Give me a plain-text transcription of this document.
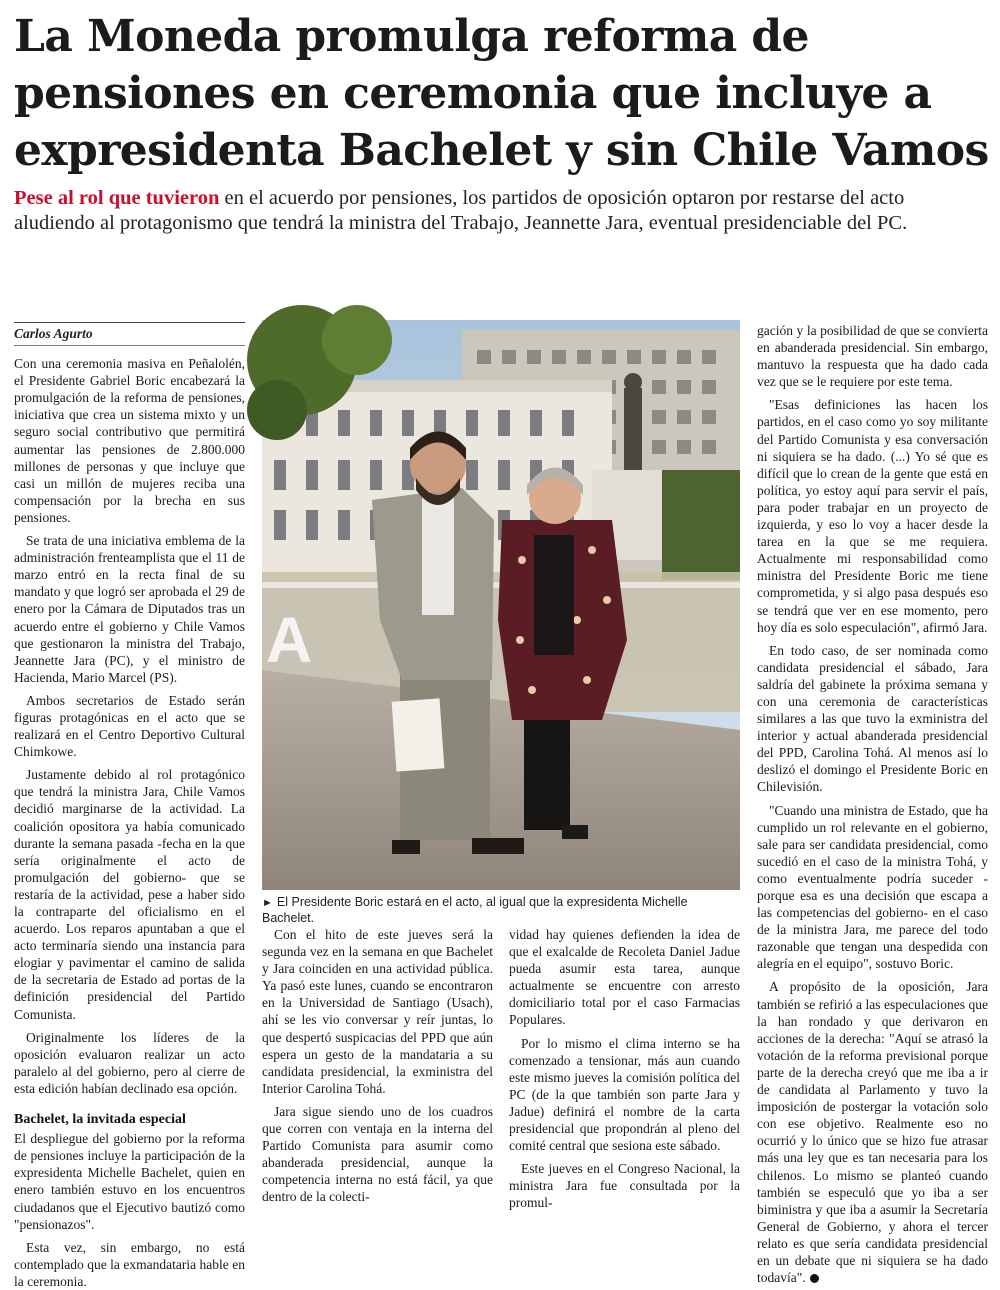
La Moneda promulga reforma de pensiones en ceremonia que incluye a expresidenta Bachelet y sin Chile Vamos

Pese al rol que tuvieron en el acuerdo por pensiones, los partidos de oposición optaron por restarse del acto aludiendo al protagonismo que tendrá la ministra del Trabajo, Jeannette Jara, eventual presidenciable del PC.

Carlos Agurto

Con una ceremonia masiva en Peñalolén, el Presidente Gabriel Boric encabezará la promulgación de la reforma de pensiones, iniciativa que crea un sistema mixto y un seguro social contributivo que permitirá aumentar las pensiones de 2.800.000 millones de personas y que incluye que casi un millón de mujeres reciba una compensación por la brecha en sus pensiones.

Se trata de una iniciativa emblema de la administración frenteamplista que el 11 de marzo entró en la recta final de su mandato y que logró ser aprobada el 29 de enero por la Cámara de Diputados tras un acuerdo entre el gobierno y Chile Vamos que gestionaron la ministra del Trabajo, Jeannette Jara (PC), y el ministro de Hacienda, Mario Marcel (PS).

Ambos secretarios de Estado serán figuras protagónicas en el acto que se realizará en el Centro Deportivo Cultural Chimkowe.

Justamente debido al rol protagónico que tendrá la ministra Jara, Chile Vamos decidió marginarse de la actividad. La coalición opositora ya había comunicado durante la semana pasada -fecha en la que sería originalmente el acto de promulgación del gobierno- que se restaría de la actividad, pese a haber sido la contraparte del oficialismo en el acuerdo. Los reparos apuntaban a que el acto terminaría siendo una instancia para elogiar y pavimentar el camino de salida de la secretaria de Estado ad portas de la definición presidencial del Partido Comunista.

Originalmente los líderes de la oposición evaluaron realizar un acto paralelo al del gobierno, pero al cierre de esta edición habían declinado esa opción.

Bachelet, la invitada especial

El despliegue del gobierno por la reforma de pensiones incluye la participación de la expresidenta Michelle Bachelet, quien en enero también estuvo en los encuentros ciudadanos que el Ejecutivo bautizó como "pensionazos".

Esta vez, sin embargo, no está contemplado que la exmandataria hable en la ceremonia.

A

► El Presidente Boric estará en el acto, al igual que la expresidenta Michelle Bachelet.

Con el hito de este jueves será la segunda vez en la semana en que Bachelet y Jara coinciden en una actividad pública. Ya pasó este lunes, cuando se encontraron en la Universidad de Santiago (Usach), ahí se les vio conversar y reír juntas, lo que despertó suspicacias del PPD que aún espera un gesto de la mandataria a su candidata presidencial, la exministra del Interior Carolina Tohá.

Jara sigue siendo uno de los cuadros que corren con ventaja en la interna del Partido Comunista para asumir como abanderada presidencial, aunque la competencia interna no está fácil, ya que dentro de la colecti-

vidad hay quienes defienden la idea de que el exalcalde de Recoleta Daniel Jadue pueda asumir esta tarea, aunque actualmente se encuentre con arresto domiciliario total por el caso Farmacias Populares.

Por lo mismo el clima interno se ha comenzado a tensionar, más aun cuando este mismo jueves la comisión política del PC (de la que también son parte Jara y Jadue) definirá el nombre de la carta presidencial que propondrán al pleno del comité central que sesiona este sábado.

Este jueves en el Congreso Nacional, la ministra Jara fue consultada por la promul-

gación y la posibilidad de que se convierta en abanderada presidencial. Sin embargo, mantuvo la respuesta que ha dado cada vez que se le requiere por este tema.

"Esas definiciones las hacen los partidos, en el caso como yo soy militante del Partido Comunista y esa conversación ni siquiera se ha dado. (...) Yo sé que es difícil que lo crean de la gente que está en política, yo estoy aquí para servir el país, para poder trabajar en un proyecto de izquierda, y eso lo voy a hacer desde la tarea en la que se me requiera. Actualmente mi responsabilidad como ministra del Presidente Boric me tiene comprometida, y si algo pasa después eso se tendrá que ver en ese momento, pero hoy día es solo especulación", afirmó Jara.

En todo caso, de ser nominada como candidata presidencial el sábado, Jara saldría del gabinete la próxima semana y con una ceremonia de características similares a las que tuvo la exministra del interior y actual abanderada presidencial del PPD, Carolina Tohá. Al menos así lo deslizó el domingo el Presidente Boric en Chilevisión.

"Cuando una ministra de Estado, que ha cumplido un rol relevante en el gobierno, sale para ser candidata presidencial, como sucedió en el caso de la ministra Tohá, y como eventualmente podría suceder -porque esa es una decisión que escapa a las competencias del gobierno- en el caso de la ministra Jara, me parece del todo razonable que tengan una despedida con alegría en el equipo", sostuvo Boric.

A propósito de la oposición, Jara también se refirió a las especulaciones que la han rondado y que derivaron en acciones de la derecha: "Aquí se atrasó la votación de la reforma previsional porque parte de la derecha creyó que me iba a ir de candidata al Parlamento y tuvo la imposición de postergar la votación solo con ese objetivo. Realmente eso no ocurrió y lo único que se hizo fue atrasar más una ley que es tan necesaria para los chilenos. Lo mismo se planteó cuando también se especuló que yo iba a ser biministra y que iba a asumir la Secretaría General de Gobierno, y ahora el tercer relato es que sería candidata presidencial en un debate que ni siquiera se ha dado todavía".
